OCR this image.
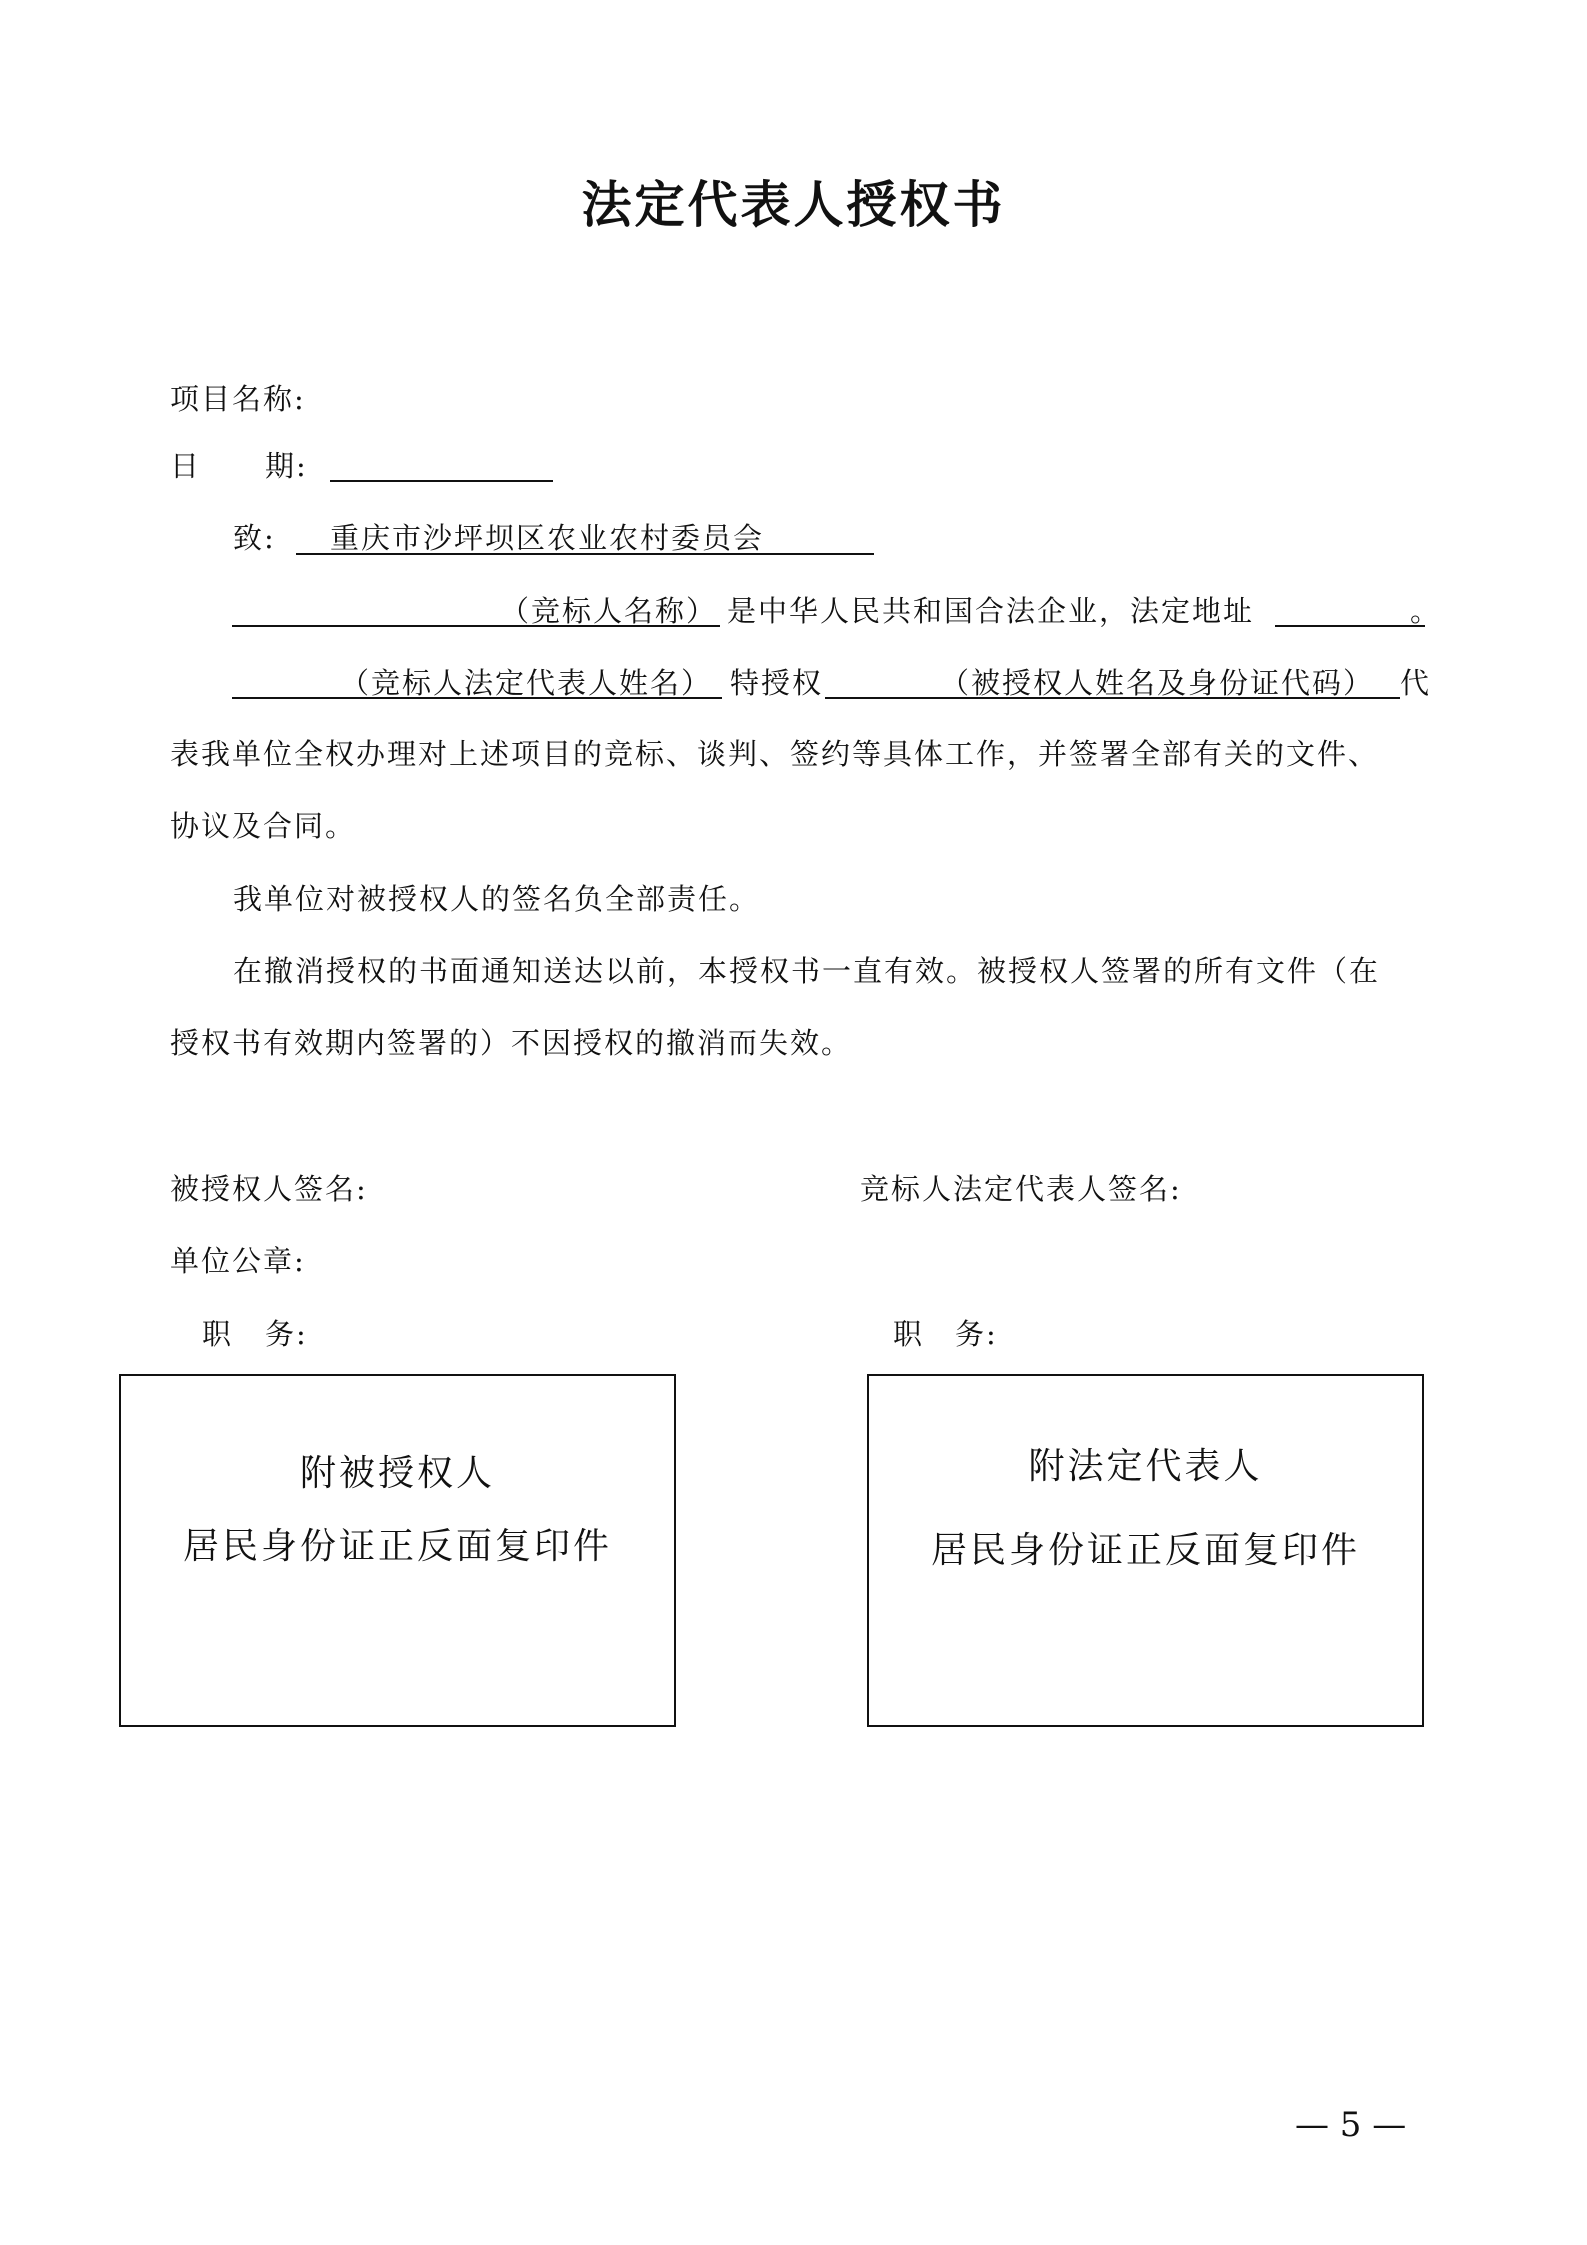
法定代表人授权书
项目名称:
日 期:
致: 重庆市沙坪坝区农业农村委员会
（竞标人名称） 是中华人民共和国合法企业，法定地址	。
（竞标人法定代表人姓名） 特授权	（被授权人姓名及身份证代码） 代
表我单位全权办理对上述项目的竞标、谈判、签约等具体工作，并签署全部有关的文件、
协议及合同。
我单位对被授权人的签名负全部责任。
在撤消授权的书面通知送达以前，本授权书一直有效。被授权人签署的所有文件（在
授权书有效期内签署的）不因授权的撤消而失效。
被授权人签名:	竞标人法定代表人签名:
单位公章:
职 务:	职 务:
附被授权人
居民身份证正反面复印件
附法定代表人
居民身份证正反面复印件
— 5 —
